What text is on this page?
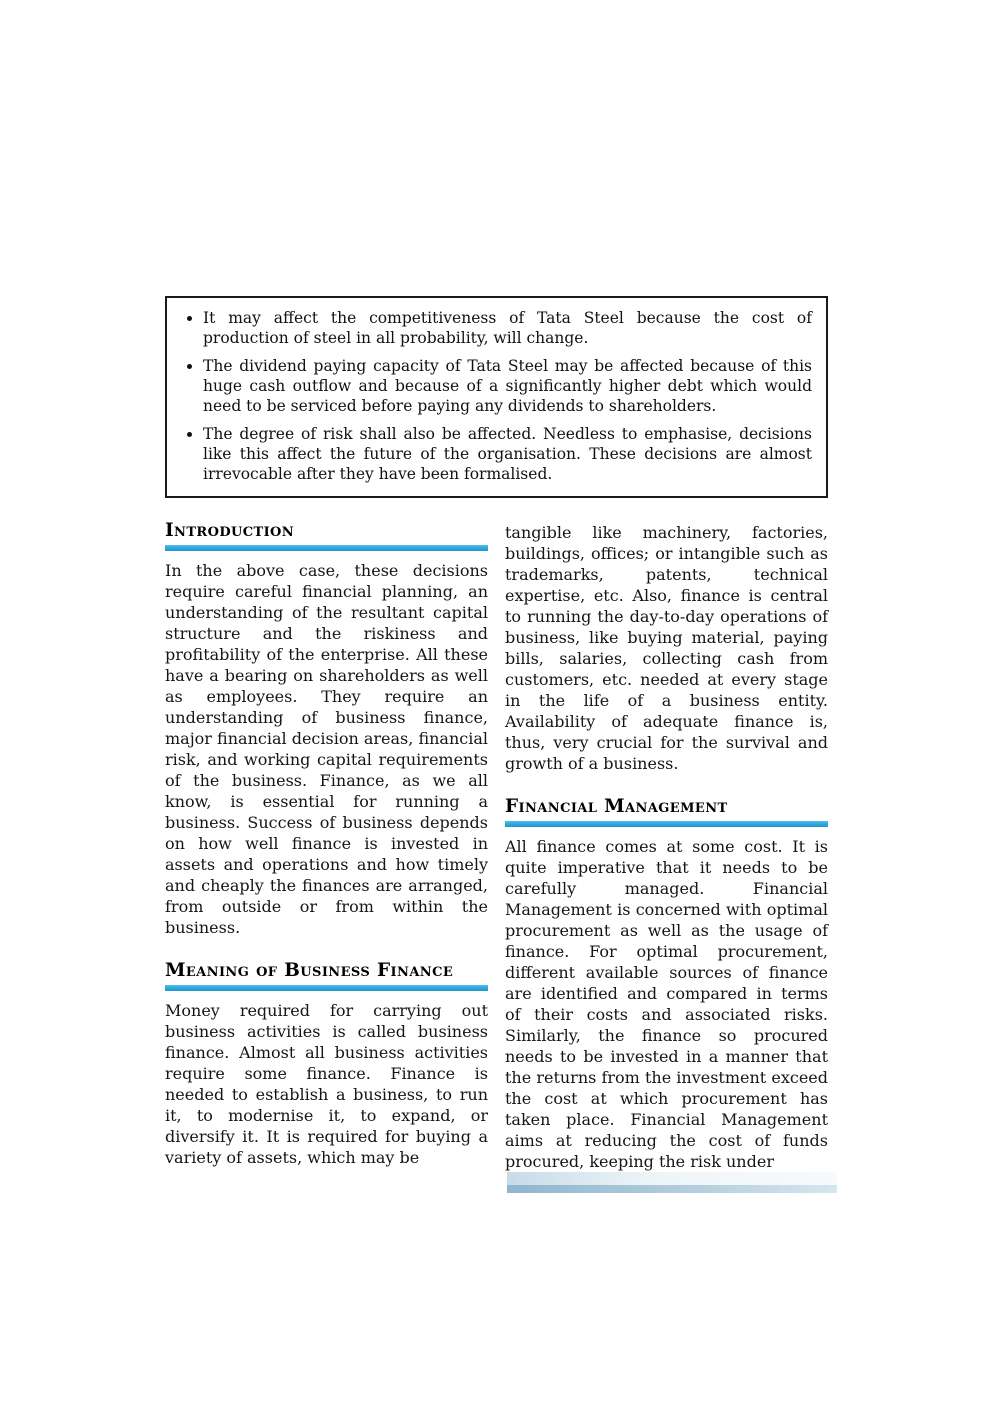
• It may affect the competitiveness of Tata Steel because the cost of production of steel in all probability, will change.
• The dividend paying capacity of Tata Steel may be affected because of this huge cash outflow and because of a significantly higher debt which would need to be serviced before paying any dividends to shareholders.
• The degree of risk shall also be affected. Needless to emphasise, decisions like this affect the future of the organisation. These decisions are almost irrevocable after they have been formalised.
Introduction
In the above case, these decisions require careful financial planning, an understanding of the resultant capital structure and the riskiness and profitability of the enterprise. All these have a bearing on shareholders as well as employees. They require an understanding of business finance, major financial decision areas, financial risk, and working capital requirements of the business. Finance, as we all know, is essential for running a business. Success of business depends on how well finance is invested in assets and operations and how timely and cheaply the finances are arranged, from outside or from within the business.
Meaning of Business Finance
Money required for carrying out business activities is called business finance. Almost all business activities require some finance. Finance is needed to establish a business, to run it, to modernise it, to expand, or diversify it. It is required for buying a variety of assets, which may be
tangible like machinery, factories, buildings, offices; or intangible such as trademarks, patents, technical expertise, etc. Also, finance is central to running the day-to-day operations of business, like buying material, paying bills, salaries, collecting cash from customers, etc. needed at every stage in the life of a business entity. Availability of adequate finance is, thus, very crucial for the survival and growth of a business.
Financial Management
All finance comes at some cost. It is quite imperative that it needs to be carefully managed. Financial Management is concerned with optimal procurement as well as the usage of finance. For optimal procurement, different available sources of finance are identified and compared in terms of their costs and associated risks. Similarly, the finance so procured needs to be invested in a manner that the returns from the investment exceed the cost at which procurement has taken place. Financial Management aims at reducing the cost of funds procured, keeping the risk under
